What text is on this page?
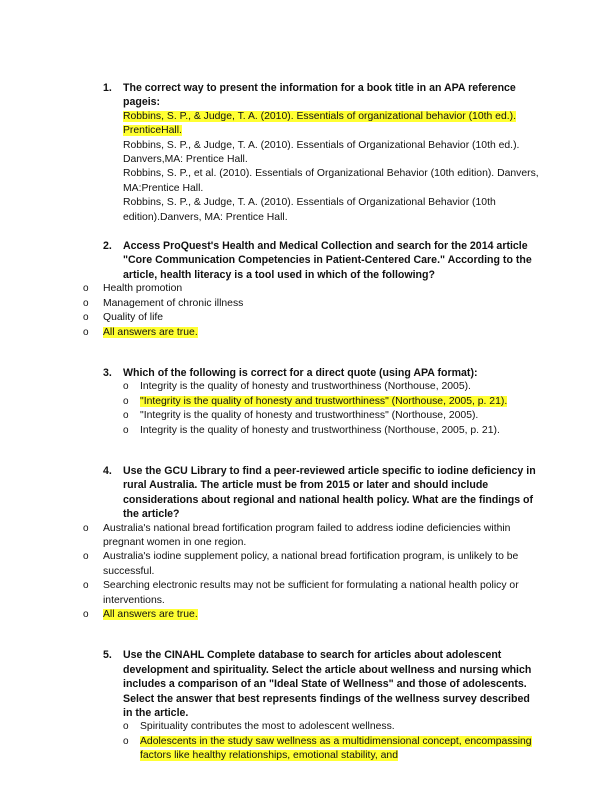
1. The correct way to present the information for a book title in an APA reference pageis:
Robbins, S. P., & Judge, T. A. (2010). Essentials of organizational behavior (10th ed.). PrenticeHall.
Robbins, S. P., & Judge, T. A. (2010). Essentials of Organizational Behavior (10th ed.). Danvers,MA: Prentice Hall.
Robbins, S. P., et al. (2010). Essentials of Organizational Behavior (10th edition). Danvers, MA:Prentice Hall.
Robbins, S. P., & Judge, T. A. (2010). Essentials of Organizational Behavior (10th edition).Danvers, MA: Prentice Hall.
2. Access ProQuest's Health and Medical Collection and search for the 2014 article "Core Communication Competencies in Patient-Centered Care." According to the article, health literacy is a tool used in which of the following?
o Health promotion
o Management of chronic illness
o Quality of life
o All answers are true.
3. Which of the following is correct for a direct quote (using APA format):
o Integrity is the quality of honesty and trustworthiness (Northouse, 2005).
o "Integrity is the quality of honesty and trustworthiness" (Northouse, 2005, p. 21).
o "Integrity is the quality of honesty and trustworthiness" (Northouse, 2005).
o Integrity is the quality of honesty and trustworthiness (Northouse, 2005, p. 21).
4. Use the GCU Library to find a peer-reviewed article specific to iodine deficiency in rural Australia. The article must be from 2015 or later and should include considerations about regional and national health policy. What are the findings of the article?
o Australia's national bread fortification program failed to address iodine deficiencies within pregnant women in one region.
o Australia's iodine supplement policy, a national bread fortification program, is unlikely to be successful.
o Searching electronic results may not be sufficient for formulating a national health policy or interventions.
o All answers are true.
5. Use the CINAHL Complete database to search for articles about adolescent development and spirituality. Select the article about wellness and nursing which includes a comparison of an "Ideal State of Wellness" and those of adolescents. Select the answer that best represents findings of the wellness survey described in the article.
o Spirituality contributes the most to adolescent wellness.
o Adolescents in the study saw wellness as a multidimensional concept, encompassing factors like healthy relationships, emotional stability, and
